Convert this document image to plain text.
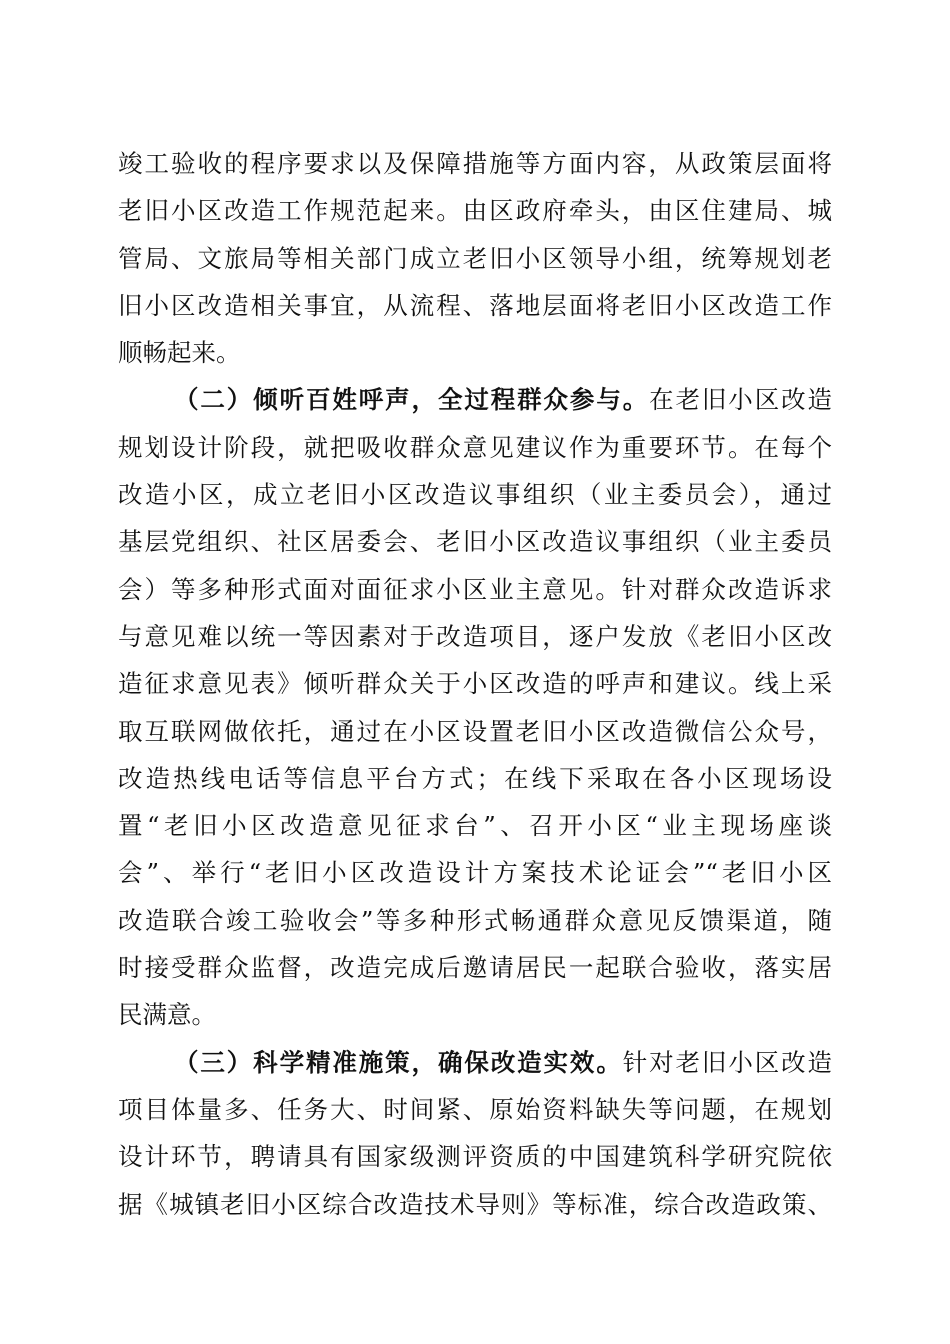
竣工验收的程序要求以及保障措施等方面内容，从政策层面将
老旧小区改造工作规范起来。由区政府牵头，由区住建局、城
管局、文旅局等相关部门成立老旧小区领导小组，统筹规划老
旧小区改造相关事宜，从流程、落地层面将老旧小区改造工作
顺畅起来。
（二）倾听百姓呼声，全过程群众参与。在老旧小区改造
规划设计阶段，就把吸收群众意见建议作为重要环节。在每个
改造小区，成立老旧小区改造议事组织（业主委员会），通过
基层党组织、社区居委会、老旧小区改造议事组织（业主委员
会）等多种形式面对面征求小区业主意见。针对群众改造诉求
与意见难以统一等因素对于改造项目，逐户发放《老旧小区改
造征求意见表》倾听群众关于小区改造的呼声和建议。线上采
取互联网做依托，通过在小区设置老旧小区改造微信公众号，
改造热线电话等信息平台方式；在线下采取在各小区现场设
置“老旧小区改造意见征求台”、召开小区“业主现场座谈
会”、举行“老旧小区改造设计方案技术论证会”“老旧小区
改造联合竣工验收会”等多种形式畅通群众意见反馈渠道，随
时接受群众监督，改造完成后邀请居民一起联合验收，落实居
民满意。
（三）科学精准施策，确保改造实效。针对老旧小区改造
项目体量多、任务大、时间紧、原始资料缺失等问题，在规划
设计环节，聘请具有国家级测评资质的中国建筑科学研究院依
据《城镇老旧小区综合改造技术导则》等标准，综合改造政策、
